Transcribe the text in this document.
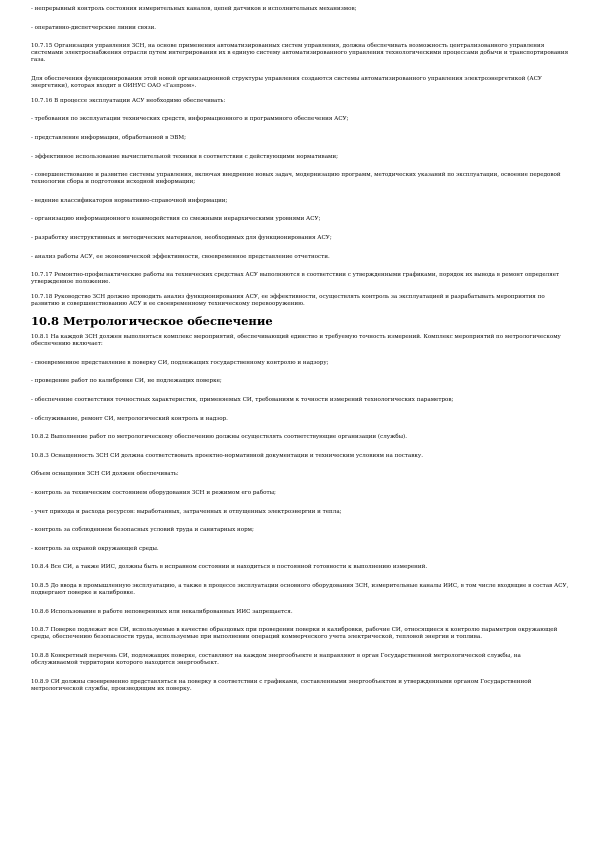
- непрерывный контроль состояния измерительных каналов, цепей датчиков и исполнительных механизмов;

- оперативно-диспетчерские линии связи.

10.7.15 Организация управления ЗСН, на основе применения автоматизированных систем управления, должна обеспечивать возможность централизованного управления системами электроснабжения отрасли путем интегрирования их в единую систему автоматизированного управления технологическими процессами добычи и транспортирования газа.

Для обеспечения функционирования этой новой организационной структуры управления создаются системы автоматизированного управления электроэнергетикой (АСУ энергетики), которая входит в ОИНУС ОАО «Газпром».

10.7.16 В процессе эксплуатации АСУ необходимо обеспечивать:

- требования по эксплуатации технических средств, информационного и программного обеспечения АСУ;

- представление информации, обработанной в ЭВМ;

- эффективное использование вычислительной техники в соответствии с действующими нормативами;

- совершенствование и развитие системы управления, включая внедрение новых задач, модернизацию программ, методических указаний по эксплуатации, освоение передовой технологии сбора и подготовки исходной информации;

- ведение классификаторов нормативно-справочной информации;

- организацию информационного взаимодействия со смежными иерархическими уровнями АСУ;

- разработку инструктивных и методических материалов, необходимых для функционирования АСУ;

- анализ работы АСУ, ее экономической эффективности, своевременное представление отчетности.

10.7.17 Ремонтно-профилактические работы на технических средствах АСУ выполняются в соответствии с утвержденными графиками, порядок их вывода в ремонт определяет утвержденное положение.

10.7.18 Руководство ЗСН должно проводить анализ функционирования АСУ, ее эффективности, осуществлять контроль за эксплуатацией и разрабатывать мероприятия по развитию и совершенствованию АСУ и ее своевременному техническому перевооружению.

10.8 Метрологическое обеспечение

10.8.1 На каждой ЗСН должен выполняться комплекс мероприятий, обеспечивающий единство и требуемую точность измерений. Комплекс мероприятий по метрологическому обеспечению включает:

- своевременное представление в поверку СИ, подлежащих государственному контролю и надзору;

- проведение работ по калибровке СИ, не подлежащих поверке;

- обеспечение соответствия точностных характеристик, применяемых СИ, требованиям к точности измерений технологических параметров;

- обслуживание, ремонт СИ, метрологический контроль и надзор.

10.8.2 Выполнение работ по метрологическому обеспечению должны осуществлять соответствующие организации (службы).

10.8.3 Оснащенность ЗСН СИ должна соответствовать проектно-нормативной документации и техническим условиям на поставку.

Объем оснащения ЗСН СИ должен обеспечивать:

- контроль за техническим состоянием оборудования ЗСН и режимом его работы;

- учет прихода и расхода ресурсов: выработанных, затраченных и отпущенных электроэнергии и тепла;

- контроль за соблюдением безопасных условий труда и санитарных норм;

- контроль за охраной окружающей среды.

10.8.4 Все СИ, а также ИИС, должны быть в исправном состоянии и находиться в постоянной готовности к выполнению измерений.

10.8.5 До ввода в промышленную эксплуатацию, а также в процессе эксплуатации основного оборудования ЗСН, измерительные каналы ИИС, в том числе входящие в состав АСУ, подвергают поверке и калибровке.

10.8.6 Использование в работе неповеренных или некалиброванных ИИС запрещается.

10.8.7 Поверке подлежат все СИ, используемые в качестве образцовых при проведении поверки и калибровки, рабочие СИ, относящиеся к контролю параметров окружающей среды, обеспечению безопасности труда, используемые при выполнении операций коммерческого учета электрической, тепловой энергии и топлива.

10.8.8 Конкретный перечень СИ, подлежащих поверке, составляют на каждом энергообъекте и направляют в орган Государственной метрологической службы, на обслуживаемой территории которого находится энергообъект.

10.8.9 СИ должны своевременно представляться на поверку в соответствии с графиками, составленными энергообъектом и утвержденными органом Государственной метрологической службы, производящим их поверку.
